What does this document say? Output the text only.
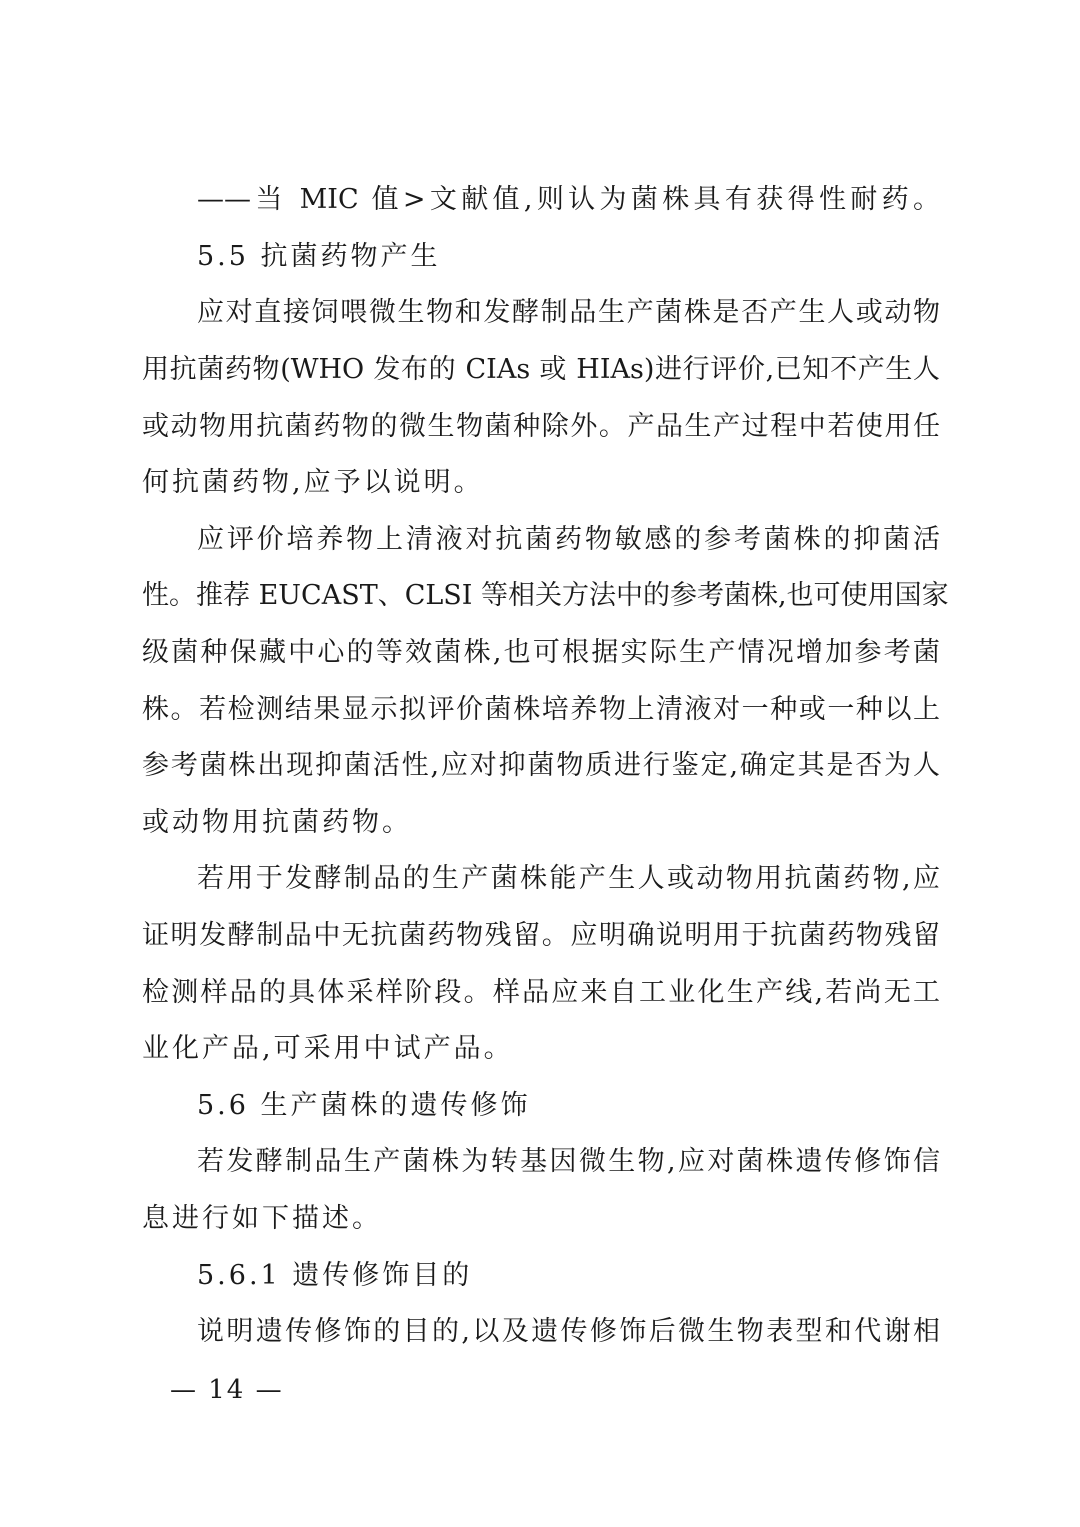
——当 MIC 值>文献值,则认为菌株具有获得性耐药。
5.5 抗菌药物产生
应对直接饲喂微生物和发酵制品生产菌株是否产生人或动物
用抗菌药物(WHO 发布的 CIAs 或 HIAs)进行评价,已知不产生人
或动物用抗菌药物的微生物菌种除外。产品生产过程中若使用任
何抗菌药物,应予以说明。
应评价培养物上清液对抗菌药物敏感的参考菌株的抑菌活
性。推荐 EUCAST、CLSI 等相关方法中的参考菌株,也可使用国家
级菌种保藏中心的等效菌株,也可根据实际生产情况增加参考菌
株。若检测结果显示拟评价菌株培养物上清液对一种或一种以上
参考菌株出现抑菌活性,应对抑菌物质进行鉴定,确定其是否为人
或动物用抗菌药物。
若用于发酵制品的生产菌株能产生人或动物用抗菌药物,应
证明发酵制品中无抗菌药物残留。应明确说明用于抗菌药物残留
检测样品的具体采样阶段。样品应来自工业化生产线,若尚无工
业化产品,可采用中试产品。
5.6 生产菌株的遗传修饰
若发酵制品生产菌株为转基因微生物,应对菌株遗传修饰信
息进行如下描述。
5.6.1 遗传修饰目的
说明遗传修饰的目的,以及遗传修饰后微生物表型和代谢相
— 14 —
